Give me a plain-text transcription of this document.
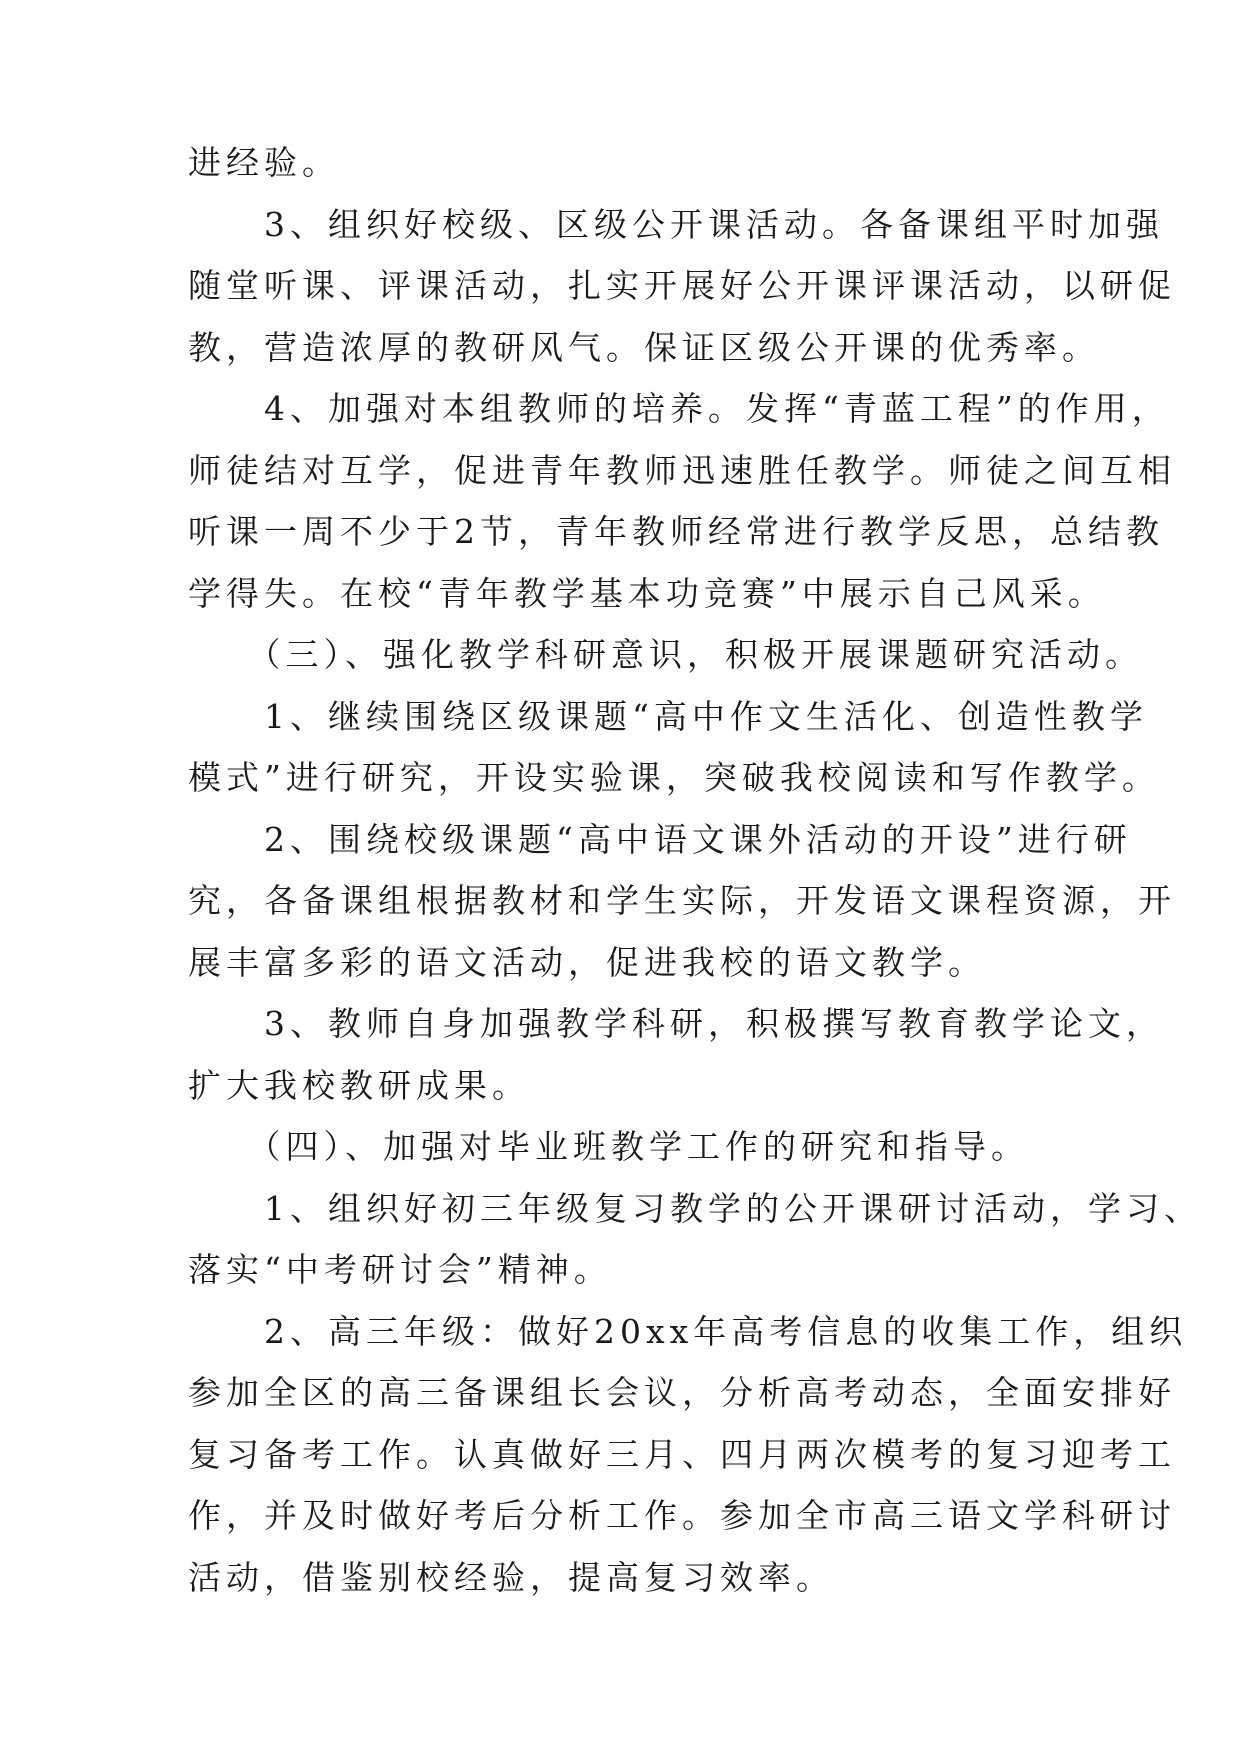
进经验。
　　3、组织好校级、区级公开课活动。各备课组平时加强
随堂听课、评课活动，扎实开展好公开课评课活动，以研促
教，营造浓厚的教研风气。保证区级公开课的优秀率。
　　4、加强对本组教师的培养。发挥“青蓝工程”的作用，
师徒结对互学，促进青年教师迅速胜任教学。师徒之间互相
听课一周不少于2节，青年教师经常进行教学反思，总结教
学得失。在校“青年教学基本功竞赛”中展示自己风采。
　　（三）、强化教学科研意识，积极开展课题研究活动。
　　1、继续围绕区级课题“高中作文生活化、创造性教学
模式”进行研究，开设实验课，突破我校阅读和写作教学。
　　2、围绕校级课题“高中语文课外活动的开设”进行研
究，各备课组根据教材和学生实际，开发语文课程资源，开
展丰富多彩的语文活动，促进我校的语文教学。
　　3、教师自身加强教学科研，积极撰写教育教学论文，
扩大我校教研成果。
　　（四）、加强对毕业班教学工作的研究和指导。
　　1、组织好初三年级复习教学的公开课研讨活动，学习、
落实“中考研讨会”精神。
　　2、高三年级：做好20xx年高考信息的收集工作，组织
参加全区的高三备课组长会议，分析高考动态，全面安排好
复习备考工作。认真做好三月、四月两次模考的复习迎考工
作，并及时做好考后分析工作。参加全市高三语文学科研讨
活动，借鉴别校经验，提高复习效率。
